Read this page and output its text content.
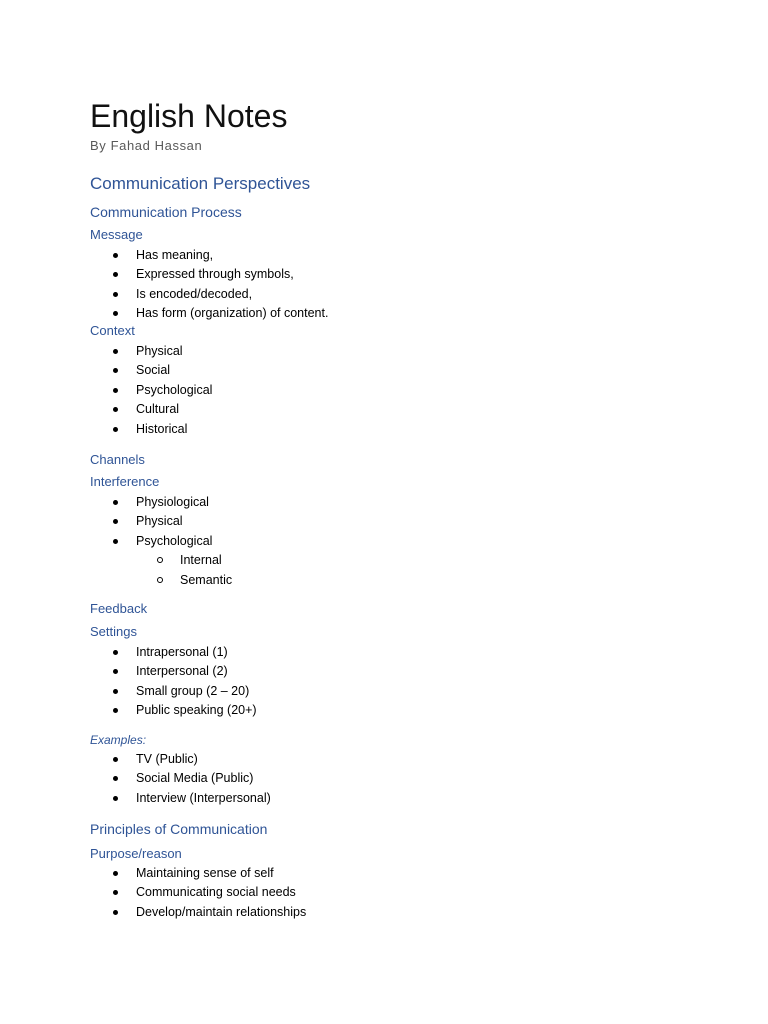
English Notes
By Fahad Hassan
Communication Perspectives
Communication Process
Message
Has meaning,
Expressed through symbols,
Is encoded/decoded,
Has form (organization) of content.
Context
Physical
Social
Psychological
Cultural
Historical
Channels
Interference
Physiological
Physical
Psychological
Internal
Semantic
Feedback
Settings
Intrapersonal (1)
Interpersonal (2)
Small group (2 – 20)
Public speaking (20+)
Examples:
TV (Public)
Social Media (Public)
Interview (Interpersonal)
Principles of Communication
Purpose/reason
Maintaining sense of self
Communicating social needs
Develop/maintain relationships
